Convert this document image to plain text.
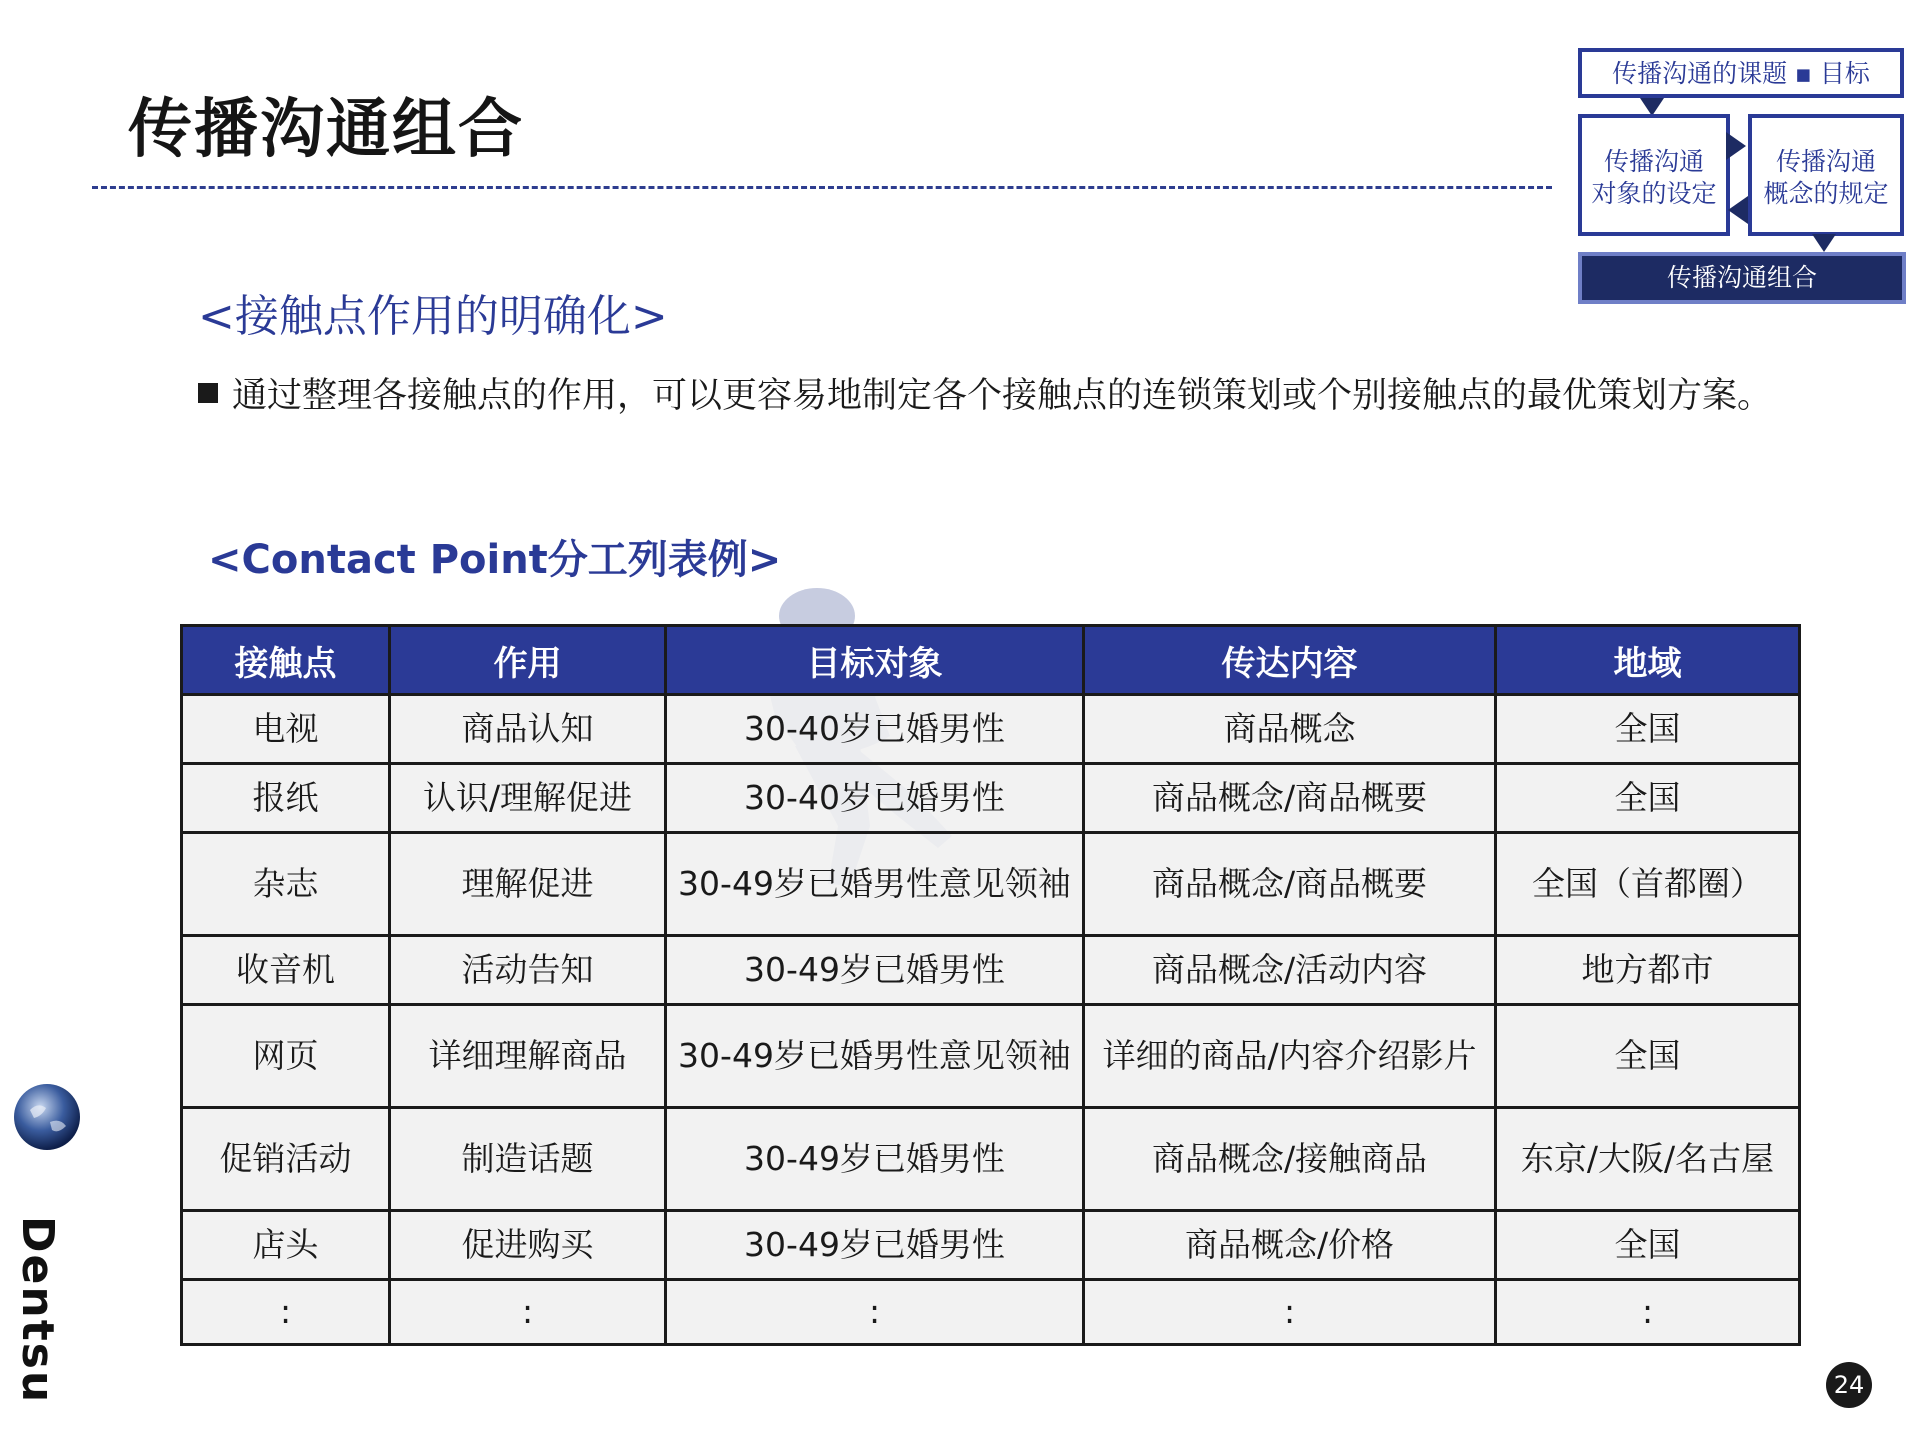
传播沟通组合
传播沟通的课题 ▪ 目标
传播沟通
对象的设定
传播沟通
概念的规定
传播沟通组合
<接触点作用的明确化>
通过整理各接触点的作用，可以更容易地制定各个接触点的连锁策划或个别接触点的最优策划方案。
<Contact Point分工列表例>
接触点	作用	目标对象	传达内容	地域
电视	商品认知	30-40岁已婚男性	商品概念	全国
报纸	认识/理解促进	30-40岁已婚男性	商品概念/商品概要	全国
杂志	理解促进	30-49岁已婚男性意见领袖	商品概念/商品概要	全国（首都圈）
收音机	活动告知	30-49岁已婚男性	商品概念/活动内容	地方都市
网页	详细理解商品	30-49岁已婚男性意见领袖	详细的商品/内容介绍影片	全国
促销活动	制造话题	30-49岁已婚男性	商品概念/接触商品	东京/大阪/名古屋
店头	促进购买	30-49岁已婚男性	商品概念/价格	全国
:	:	:	:	:
Dentsu	24
